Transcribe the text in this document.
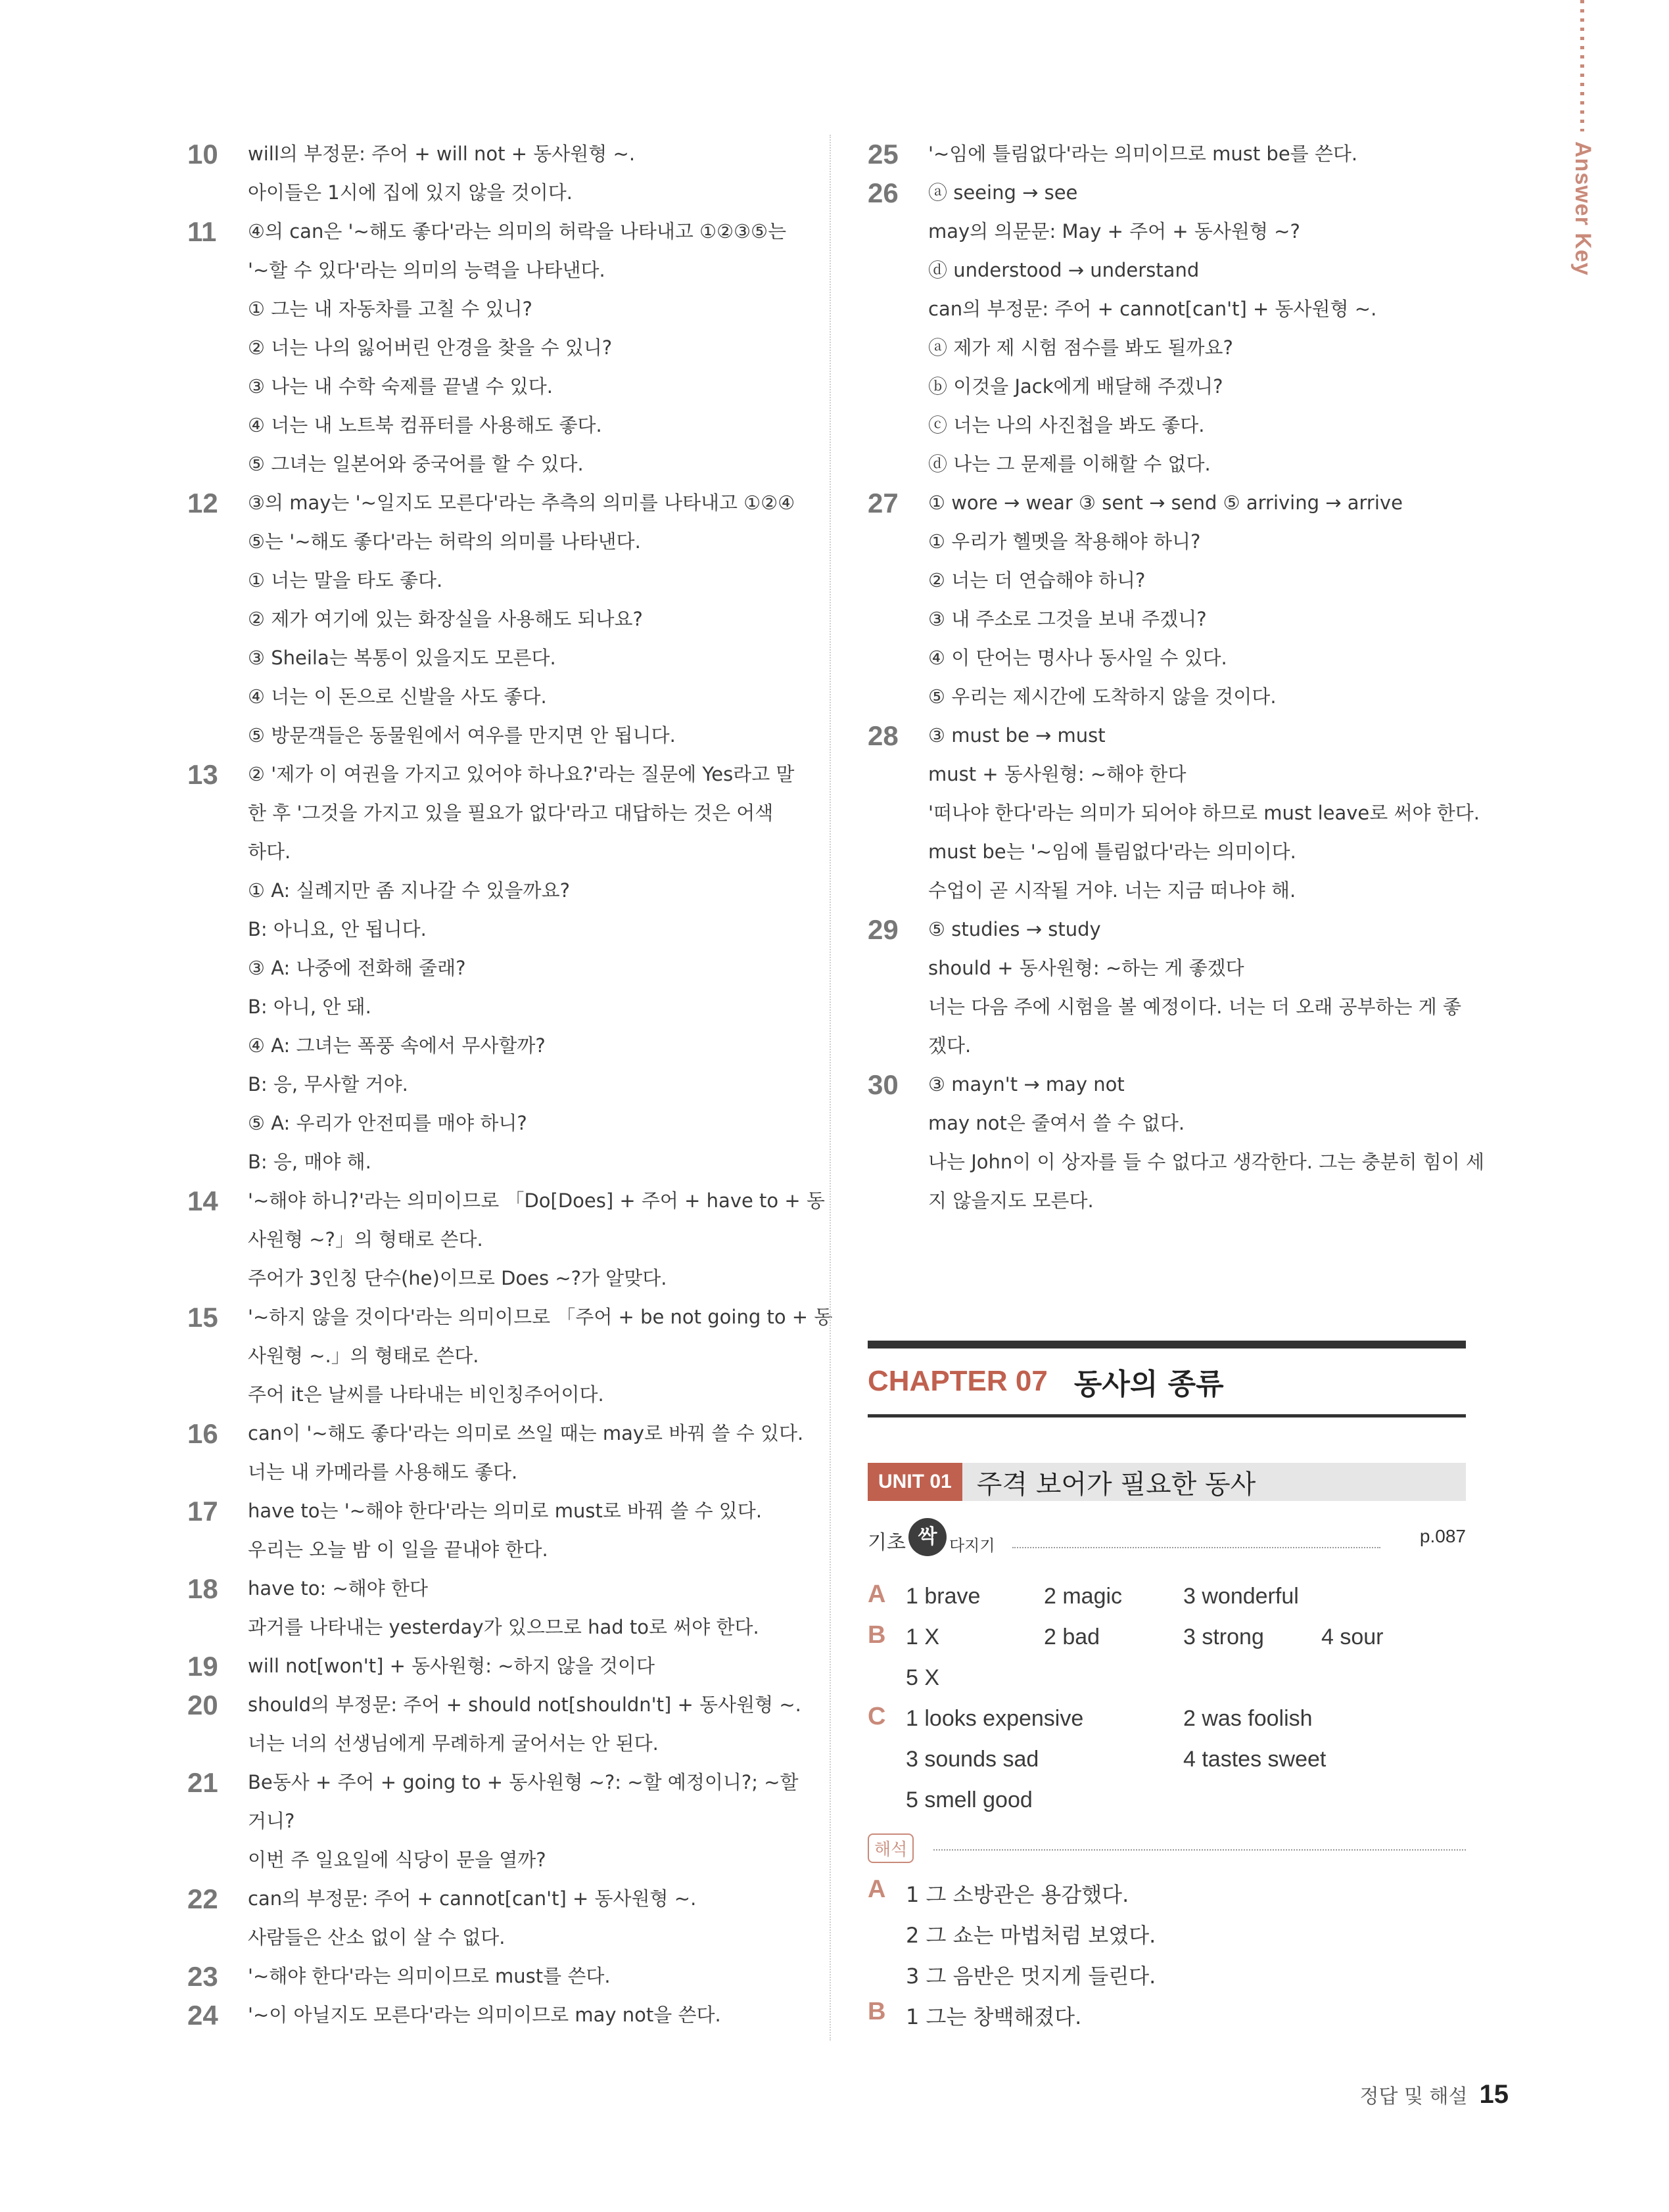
Answer Key
10	will의 부정문: 주어 + will not + 동사원형 ~.
아이들은 1시에 집에 있지 않을 것이다.
11	④의 can은 '~해도 좋다'라는 의미의 허락을 나타내고 ①②③⑤는
'~할 수 있다'라는 의미의 능력을 나타낸다.
① 그는 내 자동차를 고칠 수 있니?
② 너는 나의 잃어버린 안경을 찾을 수 있니?
③ 나는 내 수학 숙제를 끝낼 수 있다.
④ 너는 내 노트북 컴퓨터를 사용해도 좋다.
⑤ 그녀는 일본어와 중국어를 할 수 있다.
12	③의 may는 '~일지도 모른다'라는 추측의 의미를 나타내고 ①②④
⑤는 '~해도 좋다'라는 허락의 의미를 나타낸다.
① 너는 말을 타도 좋다.
② 제가 여기에 있는 화장실을 사용해도 되나요?
③ Sheila는 복통이 있을지도 모른다.
④ 너는 이 돈으로 신발을 사도 좋다.
⑤ 방문객들은 동물원에서 여우를 만지면 안 됩니다.
13	② '제가 이 여권을 가지고 있어야 하나요?'라는 질문에 Yes라고 말
한 후 '그것을 가지고 있을 필요가 없다'라고 대답하는 것은 어색
하다.
① A: 실례지만 좀 지나갈 수 있을까요?
B: 아니요, 안 됩니다.
③ A: 나중에 전화해 줄래?
B: 아니, 안 돼.
④ A: 그녀는 폭풍 속에서 무사할까?
B: 응, 무사할 거야.
⑤ A: 우리가 안전띠를 매야 하니?
B: 응, 매야 해.
14	'~해야 하니?'라는 의미이므로 「Do[Does] + 주어 + have to + 동
사원형 ~?」의 형태로 쓴다.
주어가 3인칭 단수(he)이므로 Does ~?가 알맞다.
15	'~하지 않을 것이다'라는 의미이므로 「주어 + be not going to + 동
사원형 ~.」의 형태로 쓴다.
주어 it은 날씨를 나타내는 비인칭주어이다.
16	can이 '~해도 좋다'라는 의미로 쓰일 때는 may로 바꿔 쓸 수 있다.
너는 내 카메라를 사용해도 좋다.
17	have to는 '~해야 한다'라는 의미로 must로 바꿔 쓸 수 있다.
우리는 오늘 밤 이 일을 끝내야 한다.
18	have to: ~해야 한다
과거를 나타내는 yesterday가 있으므로 had to로 써야 한다.
19	will not[won't] + 동사원형: ~하지 않을 것이다
20	should의 부정문: 주어 + should not[shouldn't] + 동사원형 ~.
너는 너의 선생님에게 무례하게 굴어서는 안 된다.
21	Be동사 + 주어 + going to + 동사원형 ~?: ~할 예정이니?; ~할
거니?
이번 주 일요일에 식당이 문을 열까?
22	can의 부정문: 주어 + cannot[can't] + 동사원형 ~.
사람들은 산소 없이 살 수 없다.
23	'~해야 한다'라는 의미이므로 must를 쓴다.
24	'~이 아닐지도 모른다'라는 의미이므로 may not을 쓴다.
25	'~임에 틀림없다'라는 의미이므로 must be를 쓴다.
26	ⓐ seeing → see
may의 의문문: May + 주어 + 동사원형 ~?
ⓓ understood → understand
can의 부정문: 주어 + cannot[can't] + 동사원형 ~.
ⓐ 제가 제 시험 점수를 봐도 될까요?
ⓑ 이것을 Jack에게 배달해 주겠니?
ⓒ 너는 나의 사진첩을 봐도 좋다.
ⓓ 나는 그 문제를 이해할 수 없다.
27	① wore → wear ③ sent → send ⑤ arriving → arrive
① 우리가 헬멧을 착용해야 하니?
② 너는 더 연습해야 하니?
③ 내 주소로 그것을 보내 주겠니?
④ 이 단어는 명사나 동사일 수 있다.
⑤ 우리는 제시간에 도착하지 않을 것이다.
28	③ must be → must
must + 동사원형: ~해야 한다
'떠나야 한다'라는 의미가 되어야 하므로 must leave로 써야 한다.
must be는 '~임에 틀림없다'라는 의미이다.
수업이 곧 시작될 거야. 너는 지금 떠나야 해.
29	⑤ studies → study
should + 동사원형: ~하는 게 좋겠다
너는 다음 주에 시험을 볼 예정이다. 너는 더 오래 공부하는 게 좋
겠다.
30	③ mayn't → may not
may not은 줄여서 쓸 수 없다.
나는 John이 이 상자를 들 수 없다고 생각한다. 그는 충분히 힘이 세
지 않을지도 모른다.
CHAPTER 07 동사의 종류
UNIT 01 주격 보어가 필요한 동사
기초 싹 다지기	p.087
A 1 brave	2 magic	3 wonderful
B 1 X	2 bad	3 strong	4 sour
5 X
C 1 looks expensive	2 was foolish
3 sounds sad	4 tastes sweet
5 smell good
해석
A 1 그 소방관은 용감했다.
2 그 쇼는 마법처럼 보였다.
3 그 음반은 멋지게 들린다.
B 1 그는 창백해졌다.
정답 및 해설 15
